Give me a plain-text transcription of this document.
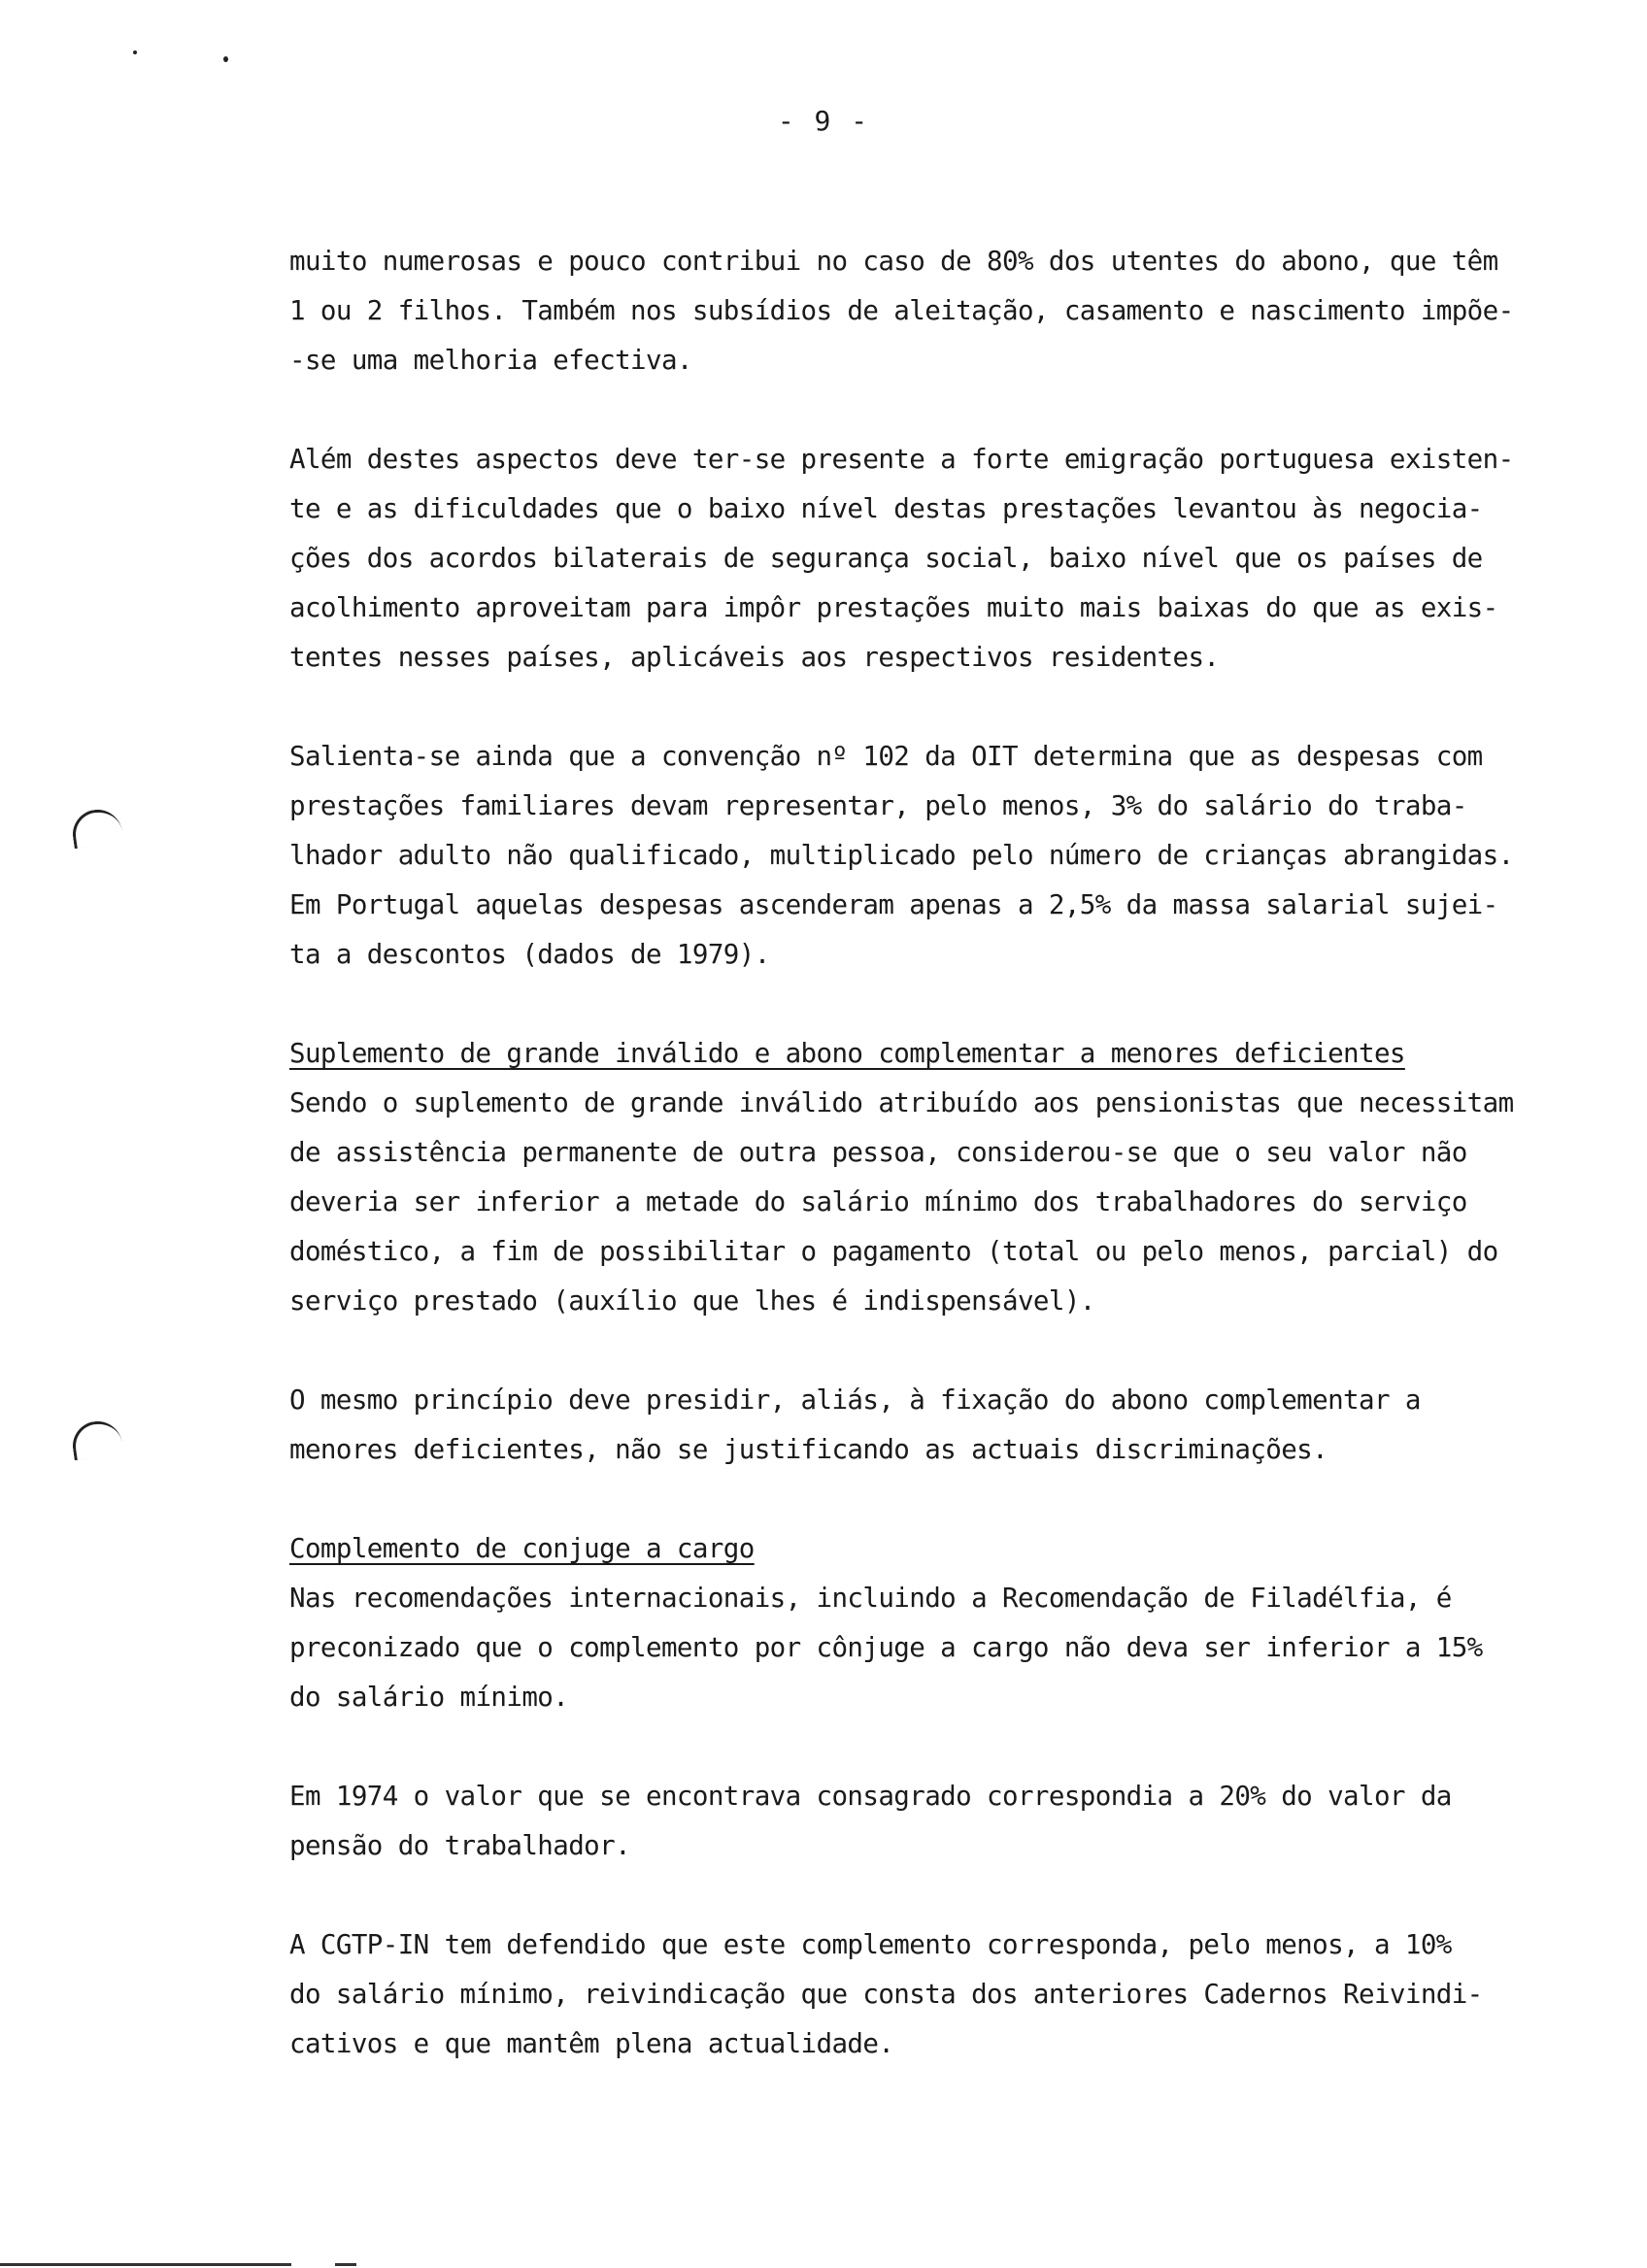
- 9 -
muito numerosas e pouco contribui no caso de 80% dos utentes do abono, que têm
1 ou 2 filhos. Também nos subsídios de aleitação, casamento e nascimento impõe-
-se uma melhoria efectiva.
Além destes aspectos deve ter-se presente a forte emigração portuguesa existen-
te e as dificuldades que o baixo nível destas prestações levantou às negocia-
ções dos acordos bilaterais de segurança social, baixo nível que os países de
acolhimento aproveitam para impôr prestações muito mais baixas do que as exis-
tentes nesses países, aplicáveis aos respectivos residentes.
Salienta-se ainda que a convenção nº 102 da OIT determina que as despesas com
prestações familiares devam representar, pelo menos, 3% do salário do traba-
lhador adulto não qualificado, multiplicado pelo número de crianças abrangidas.
Em Portugal aquelas despesas ascenderam apenas a 2,5% da massa salarial sujei-
ta a descontos (dados de 1979).
Suplemento de grande inválido e abono complementar a menores deficientes
Sendo o suplemento de grande inválido atribuído aos pensionistas que necessitam
de assistência permanente de outra pessoa, considerou-se que o seu valor não
deveria ser inferior a metade do salário mínimo dos trabalhadores do serviço
doméstico, a fim de possibilitar o pagamento (total ou pelo menos, parcial) do
serviço prestado (auxílio que lhes é indispensável).
O mesmo princípio deve presidir, aliás, à fixação do abono complementar a
menores deficientes, não se justificando as actuais discriminações.
Complemento de conjuge a cargo
Nas recomendações internacionais, incluindo a Recomendação de Filadélfia, é
preconizado que o complemento por cônjuge a cargo não deva ser inferior a 15%
do salário mínimo.
Em 1974 o valor que se encontrava consagrado correspondia a 20% do valor da
pensão do trabalhador.
A CGTP-IN tem defendido que este complemento corresponda, pelo menos, a 10%
do salário mínimo, reivindicação que consta dos anteriores Cadernos Reivindi-
cativos e que mantêm plena actualidade.
